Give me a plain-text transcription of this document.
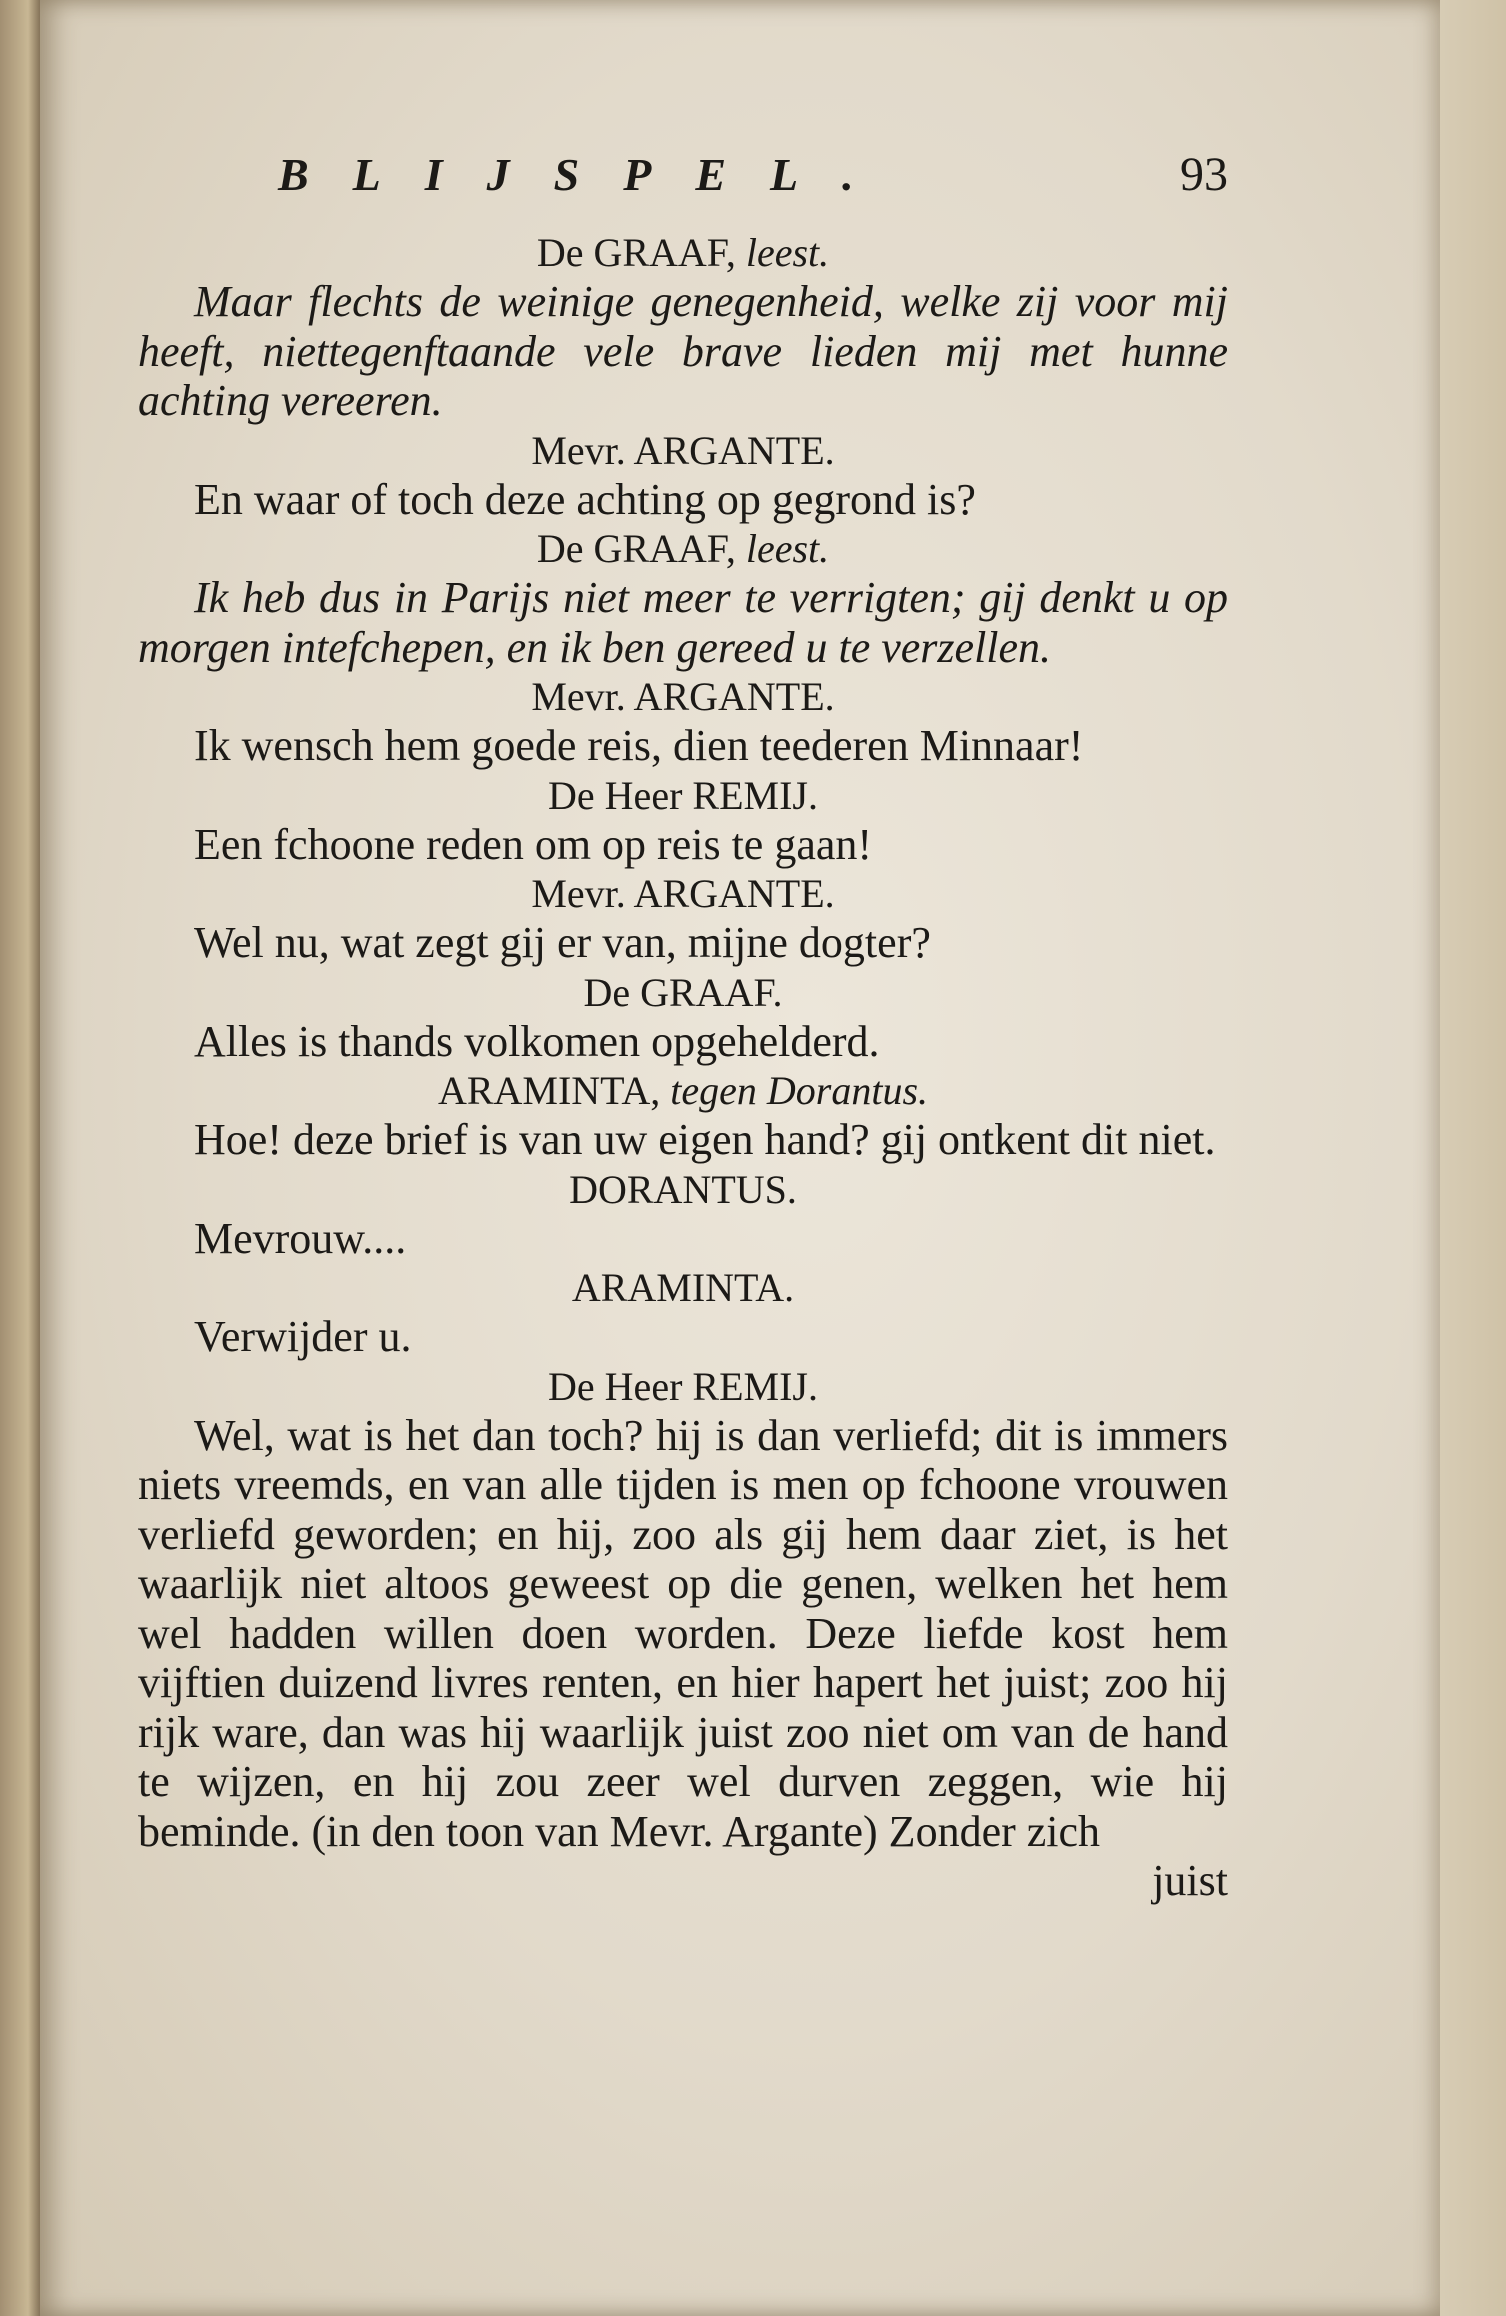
BLIJSPEL.	93
De GRAAF, leest.
Maar flechts de weinige genegenheid, welke zij voor mij heeft, niettegenftaande vele brave lieden mij met hunne achting vereeren.
Mevr. ARGANTE.
En waar of toch deze achting op gegrond is?
De GRAAF, leest.
Ik heb dus in Parijs niet meer te verrigten; gij denkt u op morgen intefchepen, en ik ben gereed u te verzellen.
Mevr. ARGANTE.
Ik wensch hem goede reis, dien teederen Minnaar!
De Heer REMIJ.
Een fchoone reden om op reis te gaan!
Mevr. ARGANTE.
Wel nu, wat zegt gij er van, mijne dogter?
De GRAAF.
Alles is thands volkomen opgehelderd.
ARAMINTA, tegen Dorantus.
Hoe! deze brief is van uw eigen hand? gij ontkent dit niet.
DORANTUS.
Mevrouw....
ARAMINTA.
Verwijder u.
De Heer REMIJ.
Wel, wat is het dan toch? hij is dan verliefd; dit is immers niets vreemds, en van alle tijden is men op fchoone vrouwen verliefd geworden; en hij, zoo als gij hem daar ziet, is het waarlijk niet altoos geweest op die genen, welken het hem wel hadden willen doen worden. Deze liefde kost hem vijftien duizend livres renten, en hier hapert het juist; zoo hij rijk ware, dan was hij waarlijk juist zoo niet om van de hand te wijzen, en hij zou zeer wel durven zeggen, wie hij beminde. (in den toon van Mevr. Argante) Zonder zich
juist
